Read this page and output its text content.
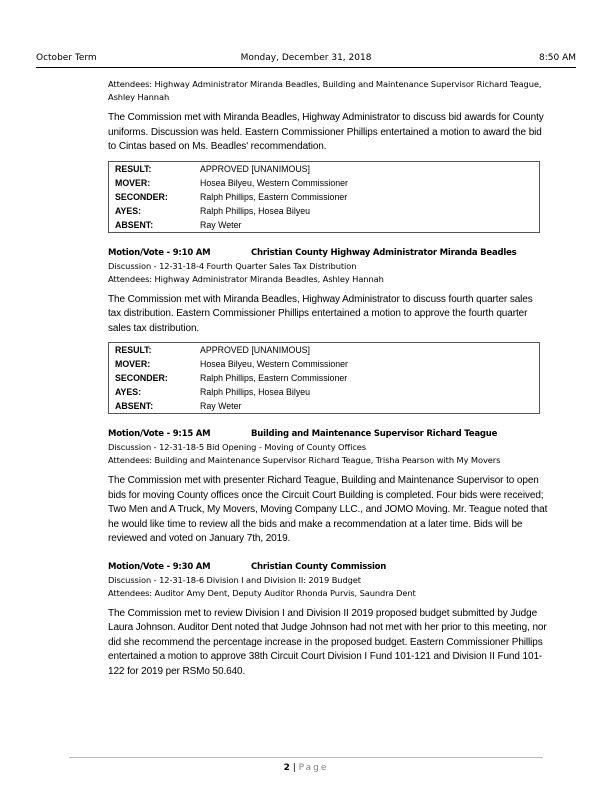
October Term	Monday, December 31, 2018	8:50 AM
Attendees: Highway Administrator Miranda Beadles, Building and Maintenance Supervisor Richard Teague, Ashley Hannah
The Commission met with Miranda Beadles, Highway Administrator to discuss bid awards for County uniforms. Discussion was held. Eastern Commissioner Phillips entertained a motion to award the bid to Cintas based on Ms. Beadles' recommendation.
RESULT:	APPROVED [UNANIMOUS]
MOVER:	Hosea Bilyeu, Western Commissioner
SECONDER:	Ralph Phillips, Eastern Commissioner
AYES:	Ralph Phillips, Hosea Bilyeu
ABSENT:	Ray Weter
Motion/Vote - 9:10 AM	Christian County Highway Administrator Miranda Beadles
Discussion - 12-31-18-4 Fourth Quarter Sales Tax Distribution
Attendees: Highway Administrator Miranda Beadles, Ashley Hannah
The Commission met with Miranda Beadles, Highway Administrator to discuss fourth quarter sales tax distribution. Eastern Commissioner Phillips entertained a motion to approve the fourth quarter sales tax distribution.
RESULT:	APPROVED [UNANIMOUS]
MOVER:	Hosea Bilyeu, Western Commissioner
SECONDER:	Ralph Phillips, Eastern Commissioner
AYES:	Ralph Phillips, Hosea Bilyeu
ABSENT:	Ray Weter
Motion/Vote - 9:15 AM	Building and Maintenance Supervisor Richard Teague
Discussion - 12-31-18-5 Bid Opening - Moving of County Offices
Attendees: Building and Maintenance Supervisor Richard Teague, Trisha Pearson with My Movers
The Commission met with presenter Richard Teague, Building and Maintenance Supervisor to open bids for moving County offices once the Circuit Court Building is completed. Four bids were received; Two Men and A Truck, My Movers, Moving Company LLC., and JOMO Moving. Mr. Teague noted that he would like time to review all the bids and make a recommendation at a later time. Bids will be reviewed and voted on January 7th, 2019.
Motion/Vote - 9:30 AM	Christian County Commission
Discussion - 12-31-18-6 Division I and Division II: 2019 Budget
Attendees: Auditor Amy Dent, Deputy Auditor Rhonda Purvis, Saundra Dent
The Commission met to review Division I and Division II 2019 proposed budget submitted by Judge Laura Johnson. Auditor Dent noted that Judge Johnson had not met with her prior to this meeting, nor did she recommend the percentage increase in the proposed budget. Eastern Commissioner Phillips entertained a motion to approve 38th Circuit Court Division I Fund 101-121 and Division II Fund 101-122 for 2019 per RSMo 50.640.
2 | Page
